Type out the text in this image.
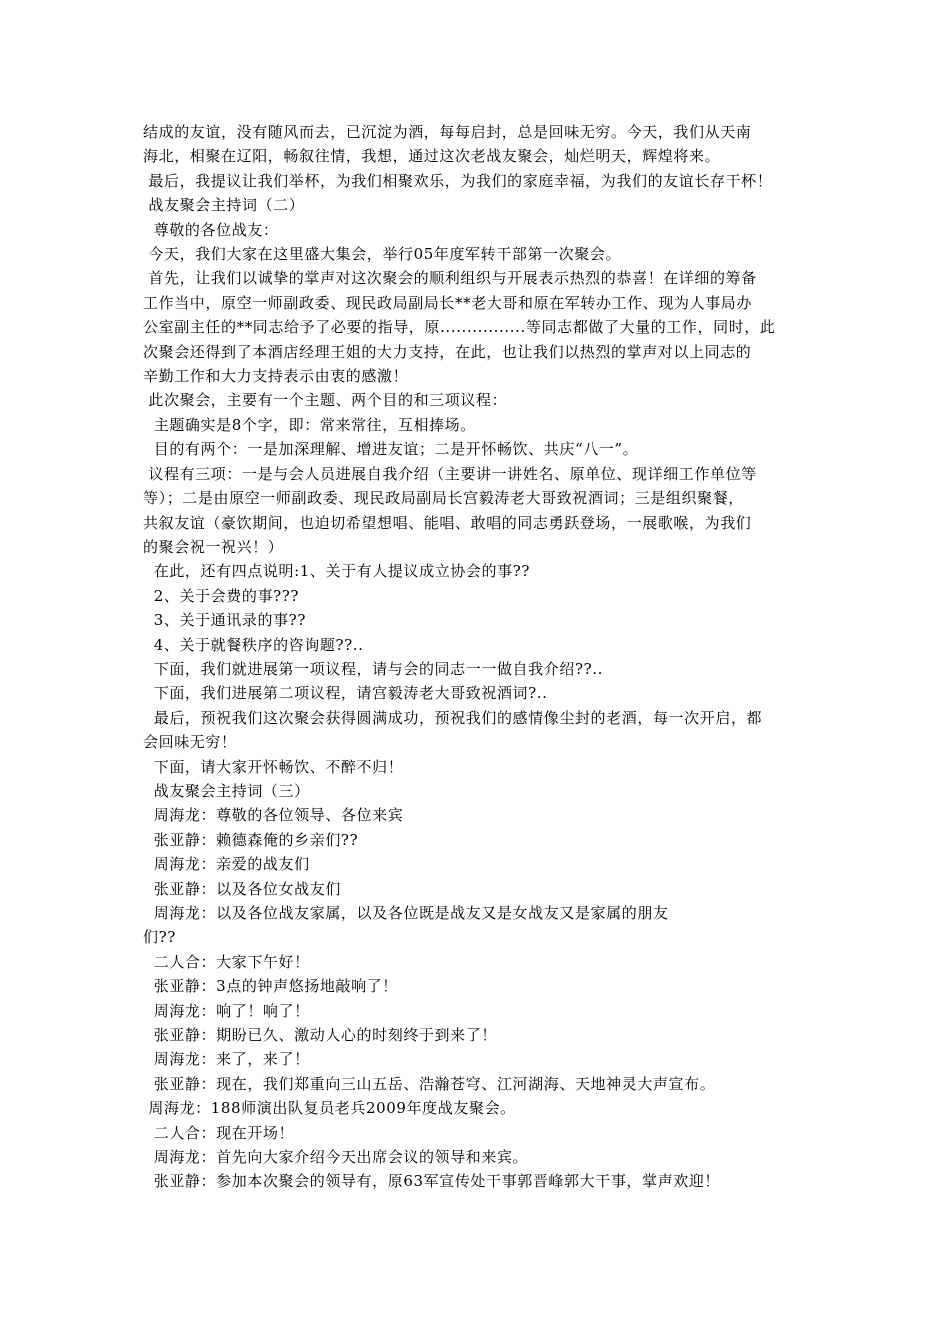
结成的友谊，没有随风而去，已沉淀为酒，每每启封，总是回味无穷。今天，我们从天南

海北，相聚在辽阳，畅叙往情，我想，通过这次老战友聚会，灿烂明天，辉煌将来。

最后，我提议让我们举杯，为我们相聚欢乐，为我们的家庭幸福，为我们的友谊长存干杯！

战友聚会主持词（二）

尊敬的各位战友：

今天，我们大家在这里盛大集会，举行05年度军转干部第一次聚会。

首先，让我们以诚挚的掌声对这次聚会的顺利组织与开展表示热烈的恭喜！在详细的筹备

工作当中，原空一师副政委、现民政局副局长**老大哥和原在军转办工作、现为人事局办

公室副主任的**同志给予了必要的指导，原................等同志都做了大量的工作，同时，此

次聚会还得到了本酒店经理王姐的大力支持，在此，也让我们以热烈的掌声对以上同志的

辛勤工作和大力支持表示由衷的感激！

此次聚会，主要有一个主题、两个目的和三项议程：

主题确实是8个字，即：常来常往，互相捧场。

目的有两个：一是加深理解、增进友谊；二是开怀畅饮、共庆“八一”。

议程有三项：一是与会人员进展自我介绍（主要讲一讲姓名、原单位、现详细工作单位等

等）；二是由原空一师副政委、现民政局副局长宫毅涛老大哥致祝酒词；三是组织聚餐，

共叙友谊（豪饮期间，也迫切希望想唱、能唱、敢唱的同志勇跃登场，一展歌喉，为我们

的聚会祝一祝兴！）

在此，还有四点说明:1、关于有人提议成立协会的事??

2、关于会费的事???

3、关于通讯录的事??

4、关于就餐秩序的咨询题??..

下面，我们就进展第一项议程，请与会的同志一一做自我介绍??..

下面，我们进展第二项议程，请宫毅涛老大哥致祝酒词?..

最后，预祝我们这次聚会获得圆满成功，预祝我们的感情像尘封的老酒，每一次开启，都

会回味无穷！

下面，请大家开怀畅饮、不醉不归！

战友聚会主持词（三）

周海龙：尊敬的各位领导、各位来宾

张亚静：赖德森俺的乡亲们??

周海龙：亲爱的战友们

张亚静：以及各位女战友们

周海龙：以及各位战友家属，以及各位既是战友又是女战友又是家属的朋友

们??

二人合：大家下午好！

张亚静：3点的钟声悠扬地敲响了！

周海龙：响了！响了！

张亚静：期盼已久、激动人心的时刻终于到来了！

周海龙：来了，来了！

张亚静：现在，我们郑重向三山五岳、浩瀚苍穹、江河湖海、天地神灵大声宣布。

周海龙：188师演出队复员老兵2009年度战友聚会。

二人合：现在开场！

周海龙：首先向大家介绍今天出席会议的领导和来宾。

张亚静：参加本次聚会的领导有，原63军宣传处干事郭晋峰郭大干事，掌声欢迎！
